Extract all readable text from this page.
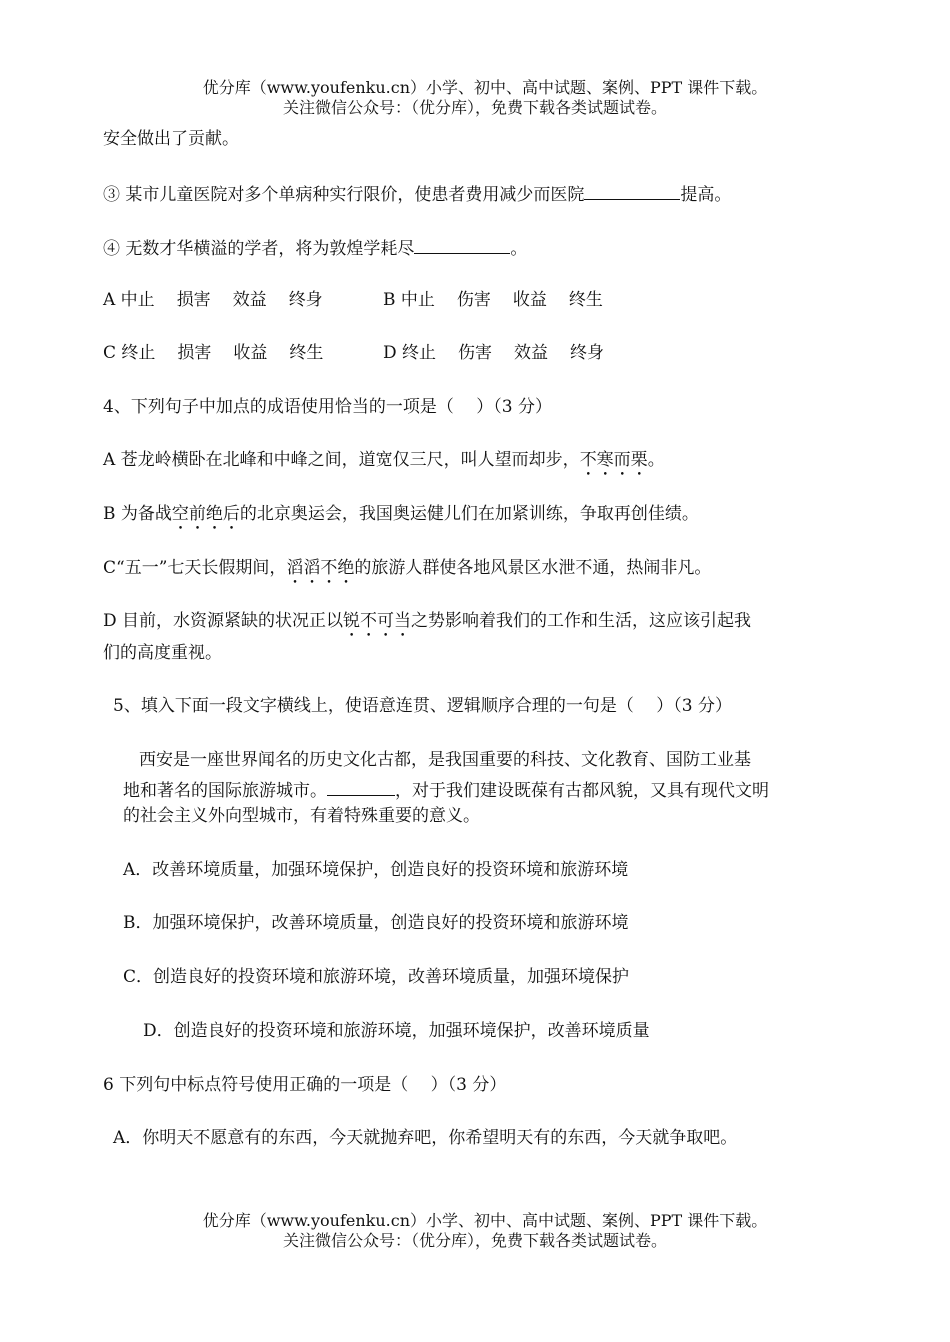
优分库（www.youfenku.cn）小学、初中、高中试题、案例、PPT 课件下载。
关注微信公众号：（优分库），免费下载各类试题试卷。
安全做出了贡献。
③ 某市儿童医院对多个单病种实行限价，使患者费用减少而医院	提高。
④ 无数才华横溢的学者，将为敦煌学耗尽	。
A 中止 损害 效益 终身	B 中止 伤害 收益 终生
C 终止 损害 收益 终生	D 终止 伤害 效益 终身
4、下列句子中加点的成语使用恰当的一项是（　 ）（3 分）
A 苍龙岭横卧在北峰和中峰之间，道宽仅三尺，叫人望而却步，不寒而栗。
B 为备战空前绝后的北京奥运会，我国奥运健儿们在加紧训练，争取再创佳绩。
C“五一”七天长假期间，滔滔不绝的旅游人群使各地风景区水泄不通，热闹非凡。
D 目前，水资源紧缺的状况正以锐不可当之势影响着我们的工作和生活，这应该引起我
们的高度重视。
5、填入下面一段文字横线上，使语意连贯、逻辑顺序合理的一句是（　 ）（3 分）
西安是一座世界闻名的历史文化古都，是我国重要的科技、文化教育、国防工业基
地和著名的国际旅游城市。	，对于我们建设既葆有古都风貌，又具有现代文明
的社会主义外向型城市，有着特殊重要的意义。
A．改善环境质量，加强环境保护，创造良好的投资环境和旅游环境
B．加强环境保护，改善环境质量，创造良好的投资环境和旅游环境
C．创造良好的投资环境和旅游环境，改善环境质量，加强环境保护
D．创造良好的投资环境和旅游环境，加强环境保护，改善环境质量
6 下列句中标点符号使用正确的一项是（　 ）（3 分）
A．你明天不愿意有的东西，今天就抛弃吧，你希望明天有的东西，今天就争取吧。
优分库（www.youfenku.cn）小学、初中、高中试题、案例、PPT 课件下载。
关注微信公众号：（优分库），免费下载各类试题试卷。
